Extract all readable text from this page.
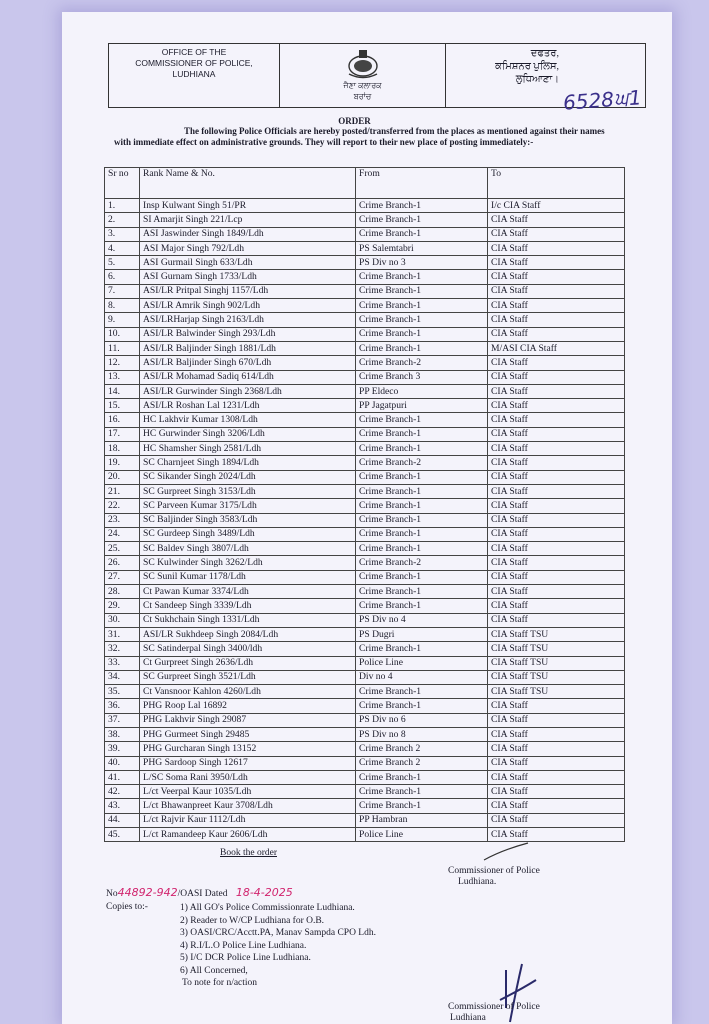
OFFICE OF THE
COMMISSIONER OF POLICE,
LUDHIANA
ਜੈਣਾ ਕਲਾਰਕ
ਬਰਾਂਚ
ਦਫਤਰ,
ਕਮਿਸ਼ਨਰ ਪੁਲਿਸ,
ਲੁਧਿਆਣਾ।
6528ਘ1
ORDER
The following Police Officials are hereby posted/transferred from the places as mentioned against their names with immediate effect on administrative grounds. They will report to their new place of posting immediately:-
Sr no	Rank Name & No.	From	To
1.	Insp Kulwant Singh 51/PR	Crime Branch-1	I/c CIA Staff
2.	SI Amarjit Singh 221/Lcp	Crime Branch-1	CIA Staff
3.	ASI Jaswinder Singh 1849/Ldh	Crime Branch-1	CIA Staff
4.	ASI Major Singh 792/Ldh	PS Salemtabri	CIA Staff
5.	ASI Gurmail Singh 633/Ldh	PS Div no 3	CIA Staff
6.	ASI Gurnam Singh 1733/Ldh	Crime Branch-1	CIA Staff
7.	ASI/LR Pritpal Singhj 1157/Ldh	Crime Branch-1	CIA Staff
8.	ASI/LR Amrik Singh 902/Ldh	Crime Branch-1	CIA Staff
9.	ASI/LRHarjap Singh 2163/Ldh	Crime Branch-1	CIA Staff
10.	ASI/LR Balwinder Singh 293/Ldh	Crime Branch-1	CIA Staff
11.	ASI/LR Baljinder Singh 1881/Ldh	Crime Branch-1	M/ASI CIA Staff
12.	ASI/LR Baljinder Singh 670/Ldh	Crime Branch-2	CIA Staff
13.	ASI/LR Mohamad Sadiq 614/Ldh	Crime Branch 3	CIA Staff
14.	ASI/LR Gurwinder Singh 2368/Ldh	PP Eldeco	CIA Staff
15.	ASI/LR Roshan Lal 1231/Ldh	PP Jagatpuri	CIA Staff
16.	HC Lakhvir Kumar 1308/Ldh	Crime Branch-1	CIA Staff
17.	HC Gurwinder Singh 3206/Ldh	Crime Branch-1	CIA Staff
18.	HC Shamsher Singh 2581/Ldh	Crime Branch-1	CIA Staff
19.	SC Charnjeet Singh 1894/Ldh	Crime Branch-2	CIA Staff
20.	SC Sikander Singh 2024/Ldh	Crime Branch-1	CIA Staff
21.	SC Gurpreet Singh 3153/Ldh	Crime Branch-1	CIA Staff
22.	SC Parveen Kumar 3175/Ldh	Crime Branch-1	CIA Staff
23.	SC Baljinder Singh 3583/Ldh	Crime Branch-1	CIA Staff
24.	SC Gurdeep Singh 3489/Ldh	Crime Branch-1	CIA Staff
25.	SC Baldev Singh 3807/Ldh	Crime Branch-1	CIA Staff
26.	SC Kulwinder Singh 3262/Ldh	Crime Branch-2	CIA Staff
27.	SC Sunil Kumar 1178/Ldh	Crime Branch-1	CIA Staff
28.	Ct Pawan Kumar 3374/Ldh	Crime Branch-1	CIA Staff
29.	Ct Sandeep Singh 3339/Ldh	Crime Branch-1	CIA Staff
30.	Ct Sukhchain Singh 1331/Ldh	PS Div no 4	CIA Staff
31.	ASI/LR Sukhdeep Singh 2084/Ldh	PS Dugri	CIA Staff TSU
32.	SC Satinderpal Singh 3400/ldh	Crime Branch-1	CIA Staff TSU
33.	Ct Gurpreet Singh 2636/Ldh	Police Line	CIA Staff TSU
34.	SC Gurpreet Singh 3521/Ldh	Div no 4	CIA Staff TSU
35.	Ct Vansnoor Kahlon 4260/Ldh	Crime Branch-1	CIA Staff TSU
36.	PHG Roop Lal 16892	Crime Branch-1	CIA Staff
37.	PHG Lakhvir Singh 29087	PS Div no 6	CIA Staff
38.	PHG Gurmeet Singh 29485	PS Div no 8	CIA Staff
39.	PHG Gurcharan Singh 13152	Crime Branch 2	CIA Staff
40.	PHG Sardoop Singh 12617	Crime Branch 2	CIA Staff
41.	L/SC Soma Rani 3950/Ldh	Crime Branch-1	CIA Staff
42.	L/ct Veerpal Kaur 1035/Ldh	Crime Branch-1	CIA Staff
43.	L/ct Bhawanpreet Kaur 3708/Ldh	Crime Branch-1	CIA Staff
44.	L/ct Rajvir Kaur 1112/Ldh	PP Hambran	CIA Staff
45.	L/ct Ramandeep Kaur 2606/Ldh	Police Line	CIA Staff
Book the order
Commissioner of Police
Ludhiana.
No44892-942/OASI Dated 18-4-2025
Copies to:-	1) All GO's Police Commissionrate Ludhiana.
2) Reader to W/CP Ludhiana for O.B.
3) OASI/CRC/Acctt.PA, Manav Sampda CPO Ldh.
4) R.I/L.O Police Line Ludhiana.
5) I/C DCR Police Line Ludhiana.
6) All Concerned,
To note for n/action
Commissioner of Police
Ludhiana
